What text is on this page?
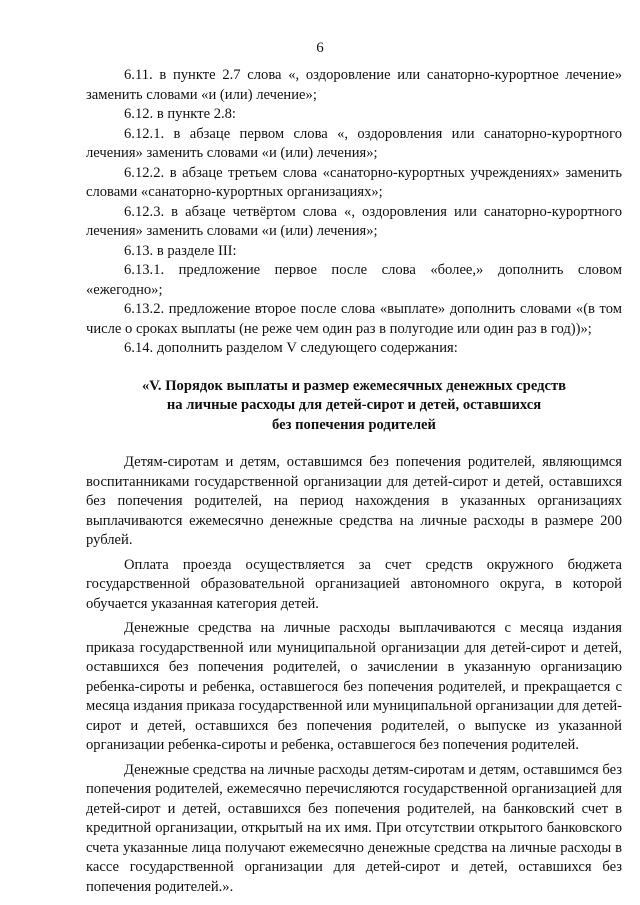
6

6.11. в пункте 2.7 слова «, оздоровление или санаторно-курортное лечение» заменить словами «и (или) лечение»;

6.12. в пункте 2.8:

6.12.1. в абзаце первом слова «, оздоровления или санаторно-курортного лечения» заменить словами «и (или) лечения»;

6.12.2. в абзаце третьем слова «санаторно-курортных учреждениях» заменить словами «санаторно-курортных организациях»;

6.12.3. в абзаце четвёртом слова «, оздоровления или санаторно-курортного лечения» заменить словами «и (или) лечения»;

6.13. в разделе III:

6.13.1. предложение первое после слова «более,» дополнить словом «ежегодно»;

6.13.2. предложение второе после слова «выплате» дополнить словами «(в том числе о сроках выплаты (не реже чем один раз в полугодие или один раз в год))»;

6.14. дополнить разделом V следующего содержания:

«V. Порядок выплаты и размер ежемесячных денежных средств
на личные расходы для детей-сирот и детей, оставшихся
без попечения родителей

Детям-сиротам и детям, оставшимся без попечения родителей, являющимся воспитанниками государственной организации для детей-сирот и детей, оставшихся без попечения родителей, на период нахождения в указанных организациях выплачиваются ежемесячно денежные средства на личные расходы в размере 200 рублей.

Оплата проезда осуществляется за счет средств окружного бюджета государственной образовательной организацией автономного округа, в которой обучается указанная категория детей.

Денежные средства на личные расходы выплачиваются с месяца издания приказа государственной или муниципальной организации для детей-сирот и детей, оставшихся без попечения родителей, о зачислении в указанную организацию ребенка-сироты и ребенка, оставшегося без попечения родителей, и прекращается с месяца издания приказа государственной или муниципальной организации для детей-сирот и детей, оставшихся без попечения родителей, о выпуске из указанной организации ребенка-сироты и ребенка, оставшегося без попечения родителей.

Денежные средства на личные расходы детям-сиротам и детям, оставшимся без попечения родителей, ежемесячно перечисляются государственной организацией для детей-сирот и детей, оставшихся без попечения родителей, на банковский счет в кредитной организации, открытый на их имя. При отсутствии открытого банковского счета указанные лица получают ежемесячно денежные средства на личные расходы в кассе государственной организации для детей-сирот и детей, оставшихся без попечения родителей.».
